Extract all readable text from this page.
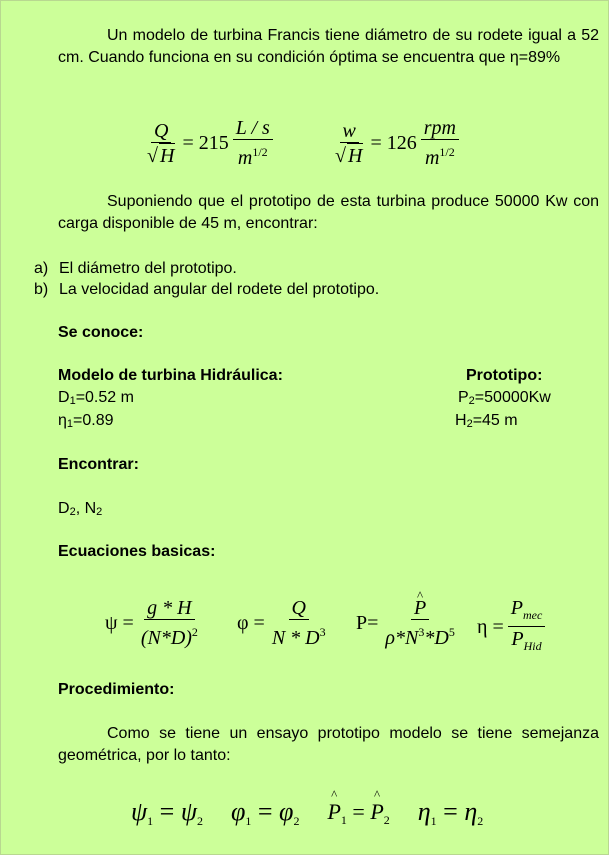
Un modelo de turbina Francis tiene diámetro de su rodete igual a 52 cm. Cuando funciona en su condición óptima se encuentra que η=89%
$\frac{Q}{√ H} = 215 \frac{L / s}{m^{1/2}}$	$\frac{w}{√ H} = 126 \frac{\text{rpm}}{m^{1/2}}$
Suponiendo que el prototipo de esta turbina produce 50000 Kw con carga disponible de 45 m, encontrar:
a) El diámetro del prototipo.
b) La velocidad angular del rodete del prototipo.
Se conoce:
Modelo de turbina Hidráulica:	Prototipo:
$D_1=0.52$ m	$P_2=50000Kw$
$\eta_1=0.89$	$H_2=45$ m
Encontrar:
$D_2$, $N_2$
Ecuaciones basicas:
$\psi = \frac{g * H}{(N*D)^2}$ $\varphi = \frac{Q}{N * D^3} P=$ ^ $\frac{P}{\rho*N^3*D^5}$ $\eta = \frac{P_{mec}}{P_{Hid}}$
Procedimiento:
Como se tiene un ensayo prototipo modelo se tiene semejanza geométrica, por lo tanto:
ψ1 = ψ2 φ1 = φ2 ^ $P_1$ = ^ $P_2$ η1 = η2
